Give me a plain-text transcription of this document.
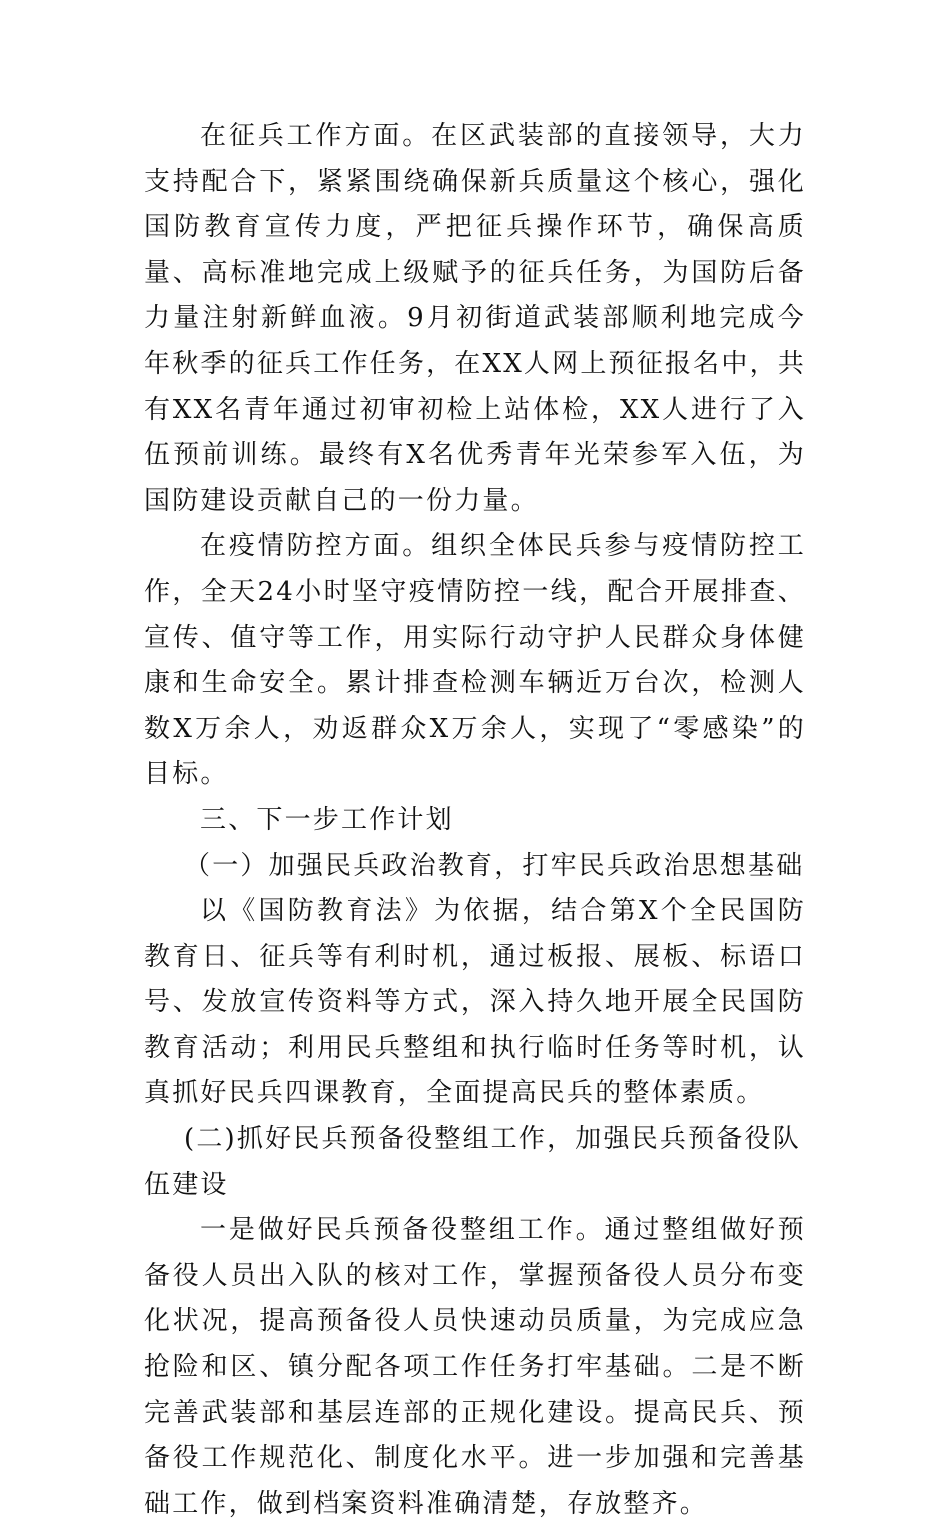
在征兵工作方面。在区武装部的直接领导，大力支持配合下，紧紧围绕确保新兵质量这个核心，强化国防教育宣传力度，严把征兵操作环节，确保高质量、高标准地完成上级赋予的征兵任务，为国防后备力量注射新鲜血液。9月初街道武装部顺利地完成今年秋季的征兵工作任务，在XX人网上预征报名中，共有XX名青年通过初审初检上站体检，XX人进行了入伍预前训练。最终有X名优秀青年光荣参军入伍，为国防建设贡献自己的一份力量。

在疫情防控方面。组织全体民兵参与疫情防控工作，全天24小时坚守疫情防控一线，配合开展排查、宣传、值守等工作，用实际行动守护人民群众身体健康和生命安全。累计排查检测车辆近万台次，检测人数X万余人，劝返群众X万余人，实现了“零感染”的目标。

三、下一步工作计划

（一）加强民兵政治教育，打牢民兵政治思想基础

以《国防教育法》为依据，结合第X个全民国防教育日、征兵等有利时机，通过板报、展板、标语口号、发放宣传资料等方式，深入持久地开展全民国防教育活动；利用民兵整组和执行临时任务等时机，认真抓好民兵四课教育，全面提高民兵的整体素质。

(二)抓好民兵预备役整组工作，加强民兵预备役队伍建设

一是做好民兵预备役整组工作。通过整组做好预备役人员出入队的核对工作，掌握预备役人员分布变化状况，提高预备役人员快速动员质量，为完成应急抢险和区、镇分配各项工作任务打牢基础。二是不断完善武装部和基层连部的正规化建设。提高民兵、预备役工作规范化、制度化水平。进一步加强和完善基础工作，做到档案资料准确清楚，存放整齐。
